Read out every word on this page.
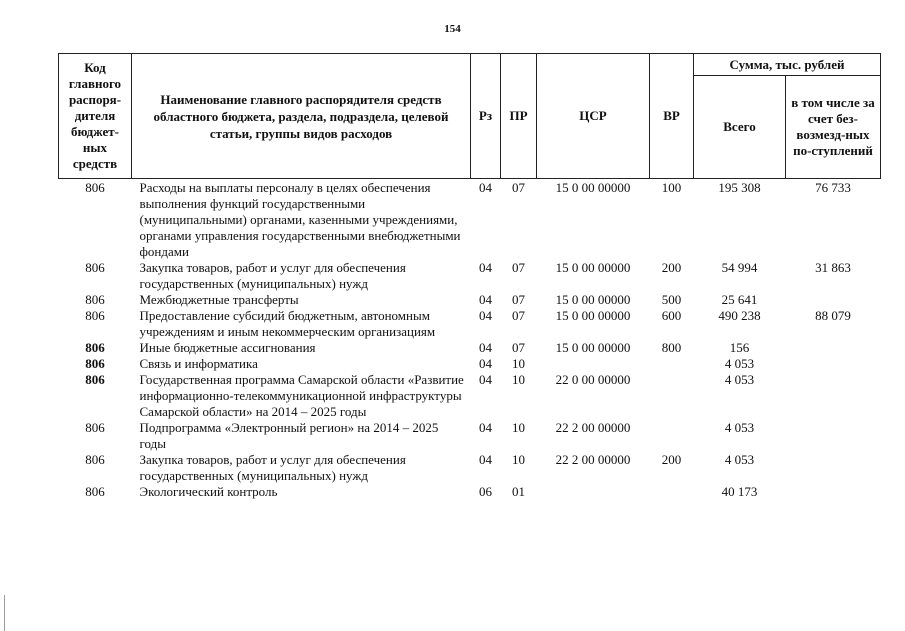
154
Код главного распоря-дителя бюджет-ных средств	Наименование главного распорядителя средств областного бюджета, раздела, подраздела, целевой статьи, группы видов расходов	Рз	ПР	ЦСР	ВР	Сумма, тыс. рублей	
						Всего	в том числе за счет без-возмезд-ных по-ступлений
806	Расходы на выплаты персоналу в целях обеспечения выполнения функций государственными (муниципальными) органами, казенными учреждениями, органами управления государственными внебюджетными фондами	04	07	15 0 00 00000	100	195 308	76 733
806	Закупка товаров, работ и услуг для обеспечения государственных (муниципальных) нужд	04	07	15 0 00 00000	200	54 994	31 863
806	Межбюджетные трансферты	04	07	15 0 00 00000	500	25 641	
806	Предоставление субсидий бюджетным, автономным учреждениям и иным некоммерческим организациям	04	07	15 0 00 00000	600	490 238	88 079
806	Иные бюджетные ассигнования	04	07	15 0 00 00000	800	156	
806	Связь и информатика	04	10			4 053	
806	Государственная программа Самарской области «Развитие информационно-телекоммуникационной инфраструктуры Самарской области» на 2014 – 2025 годы	04	10	22 0 00 00000		4 053	
806	Подпрограмма «Электронный регион» на 2014 – 2025 годы	04	10	22 2 00 00000		4 053	
806	Закупка товаров, работ и услуг для обеспечения государственных (муниципальных) нужд	04	10	22 2 00 00000	200	4 053	
806	Экологический контроль	06	01			40 173	
